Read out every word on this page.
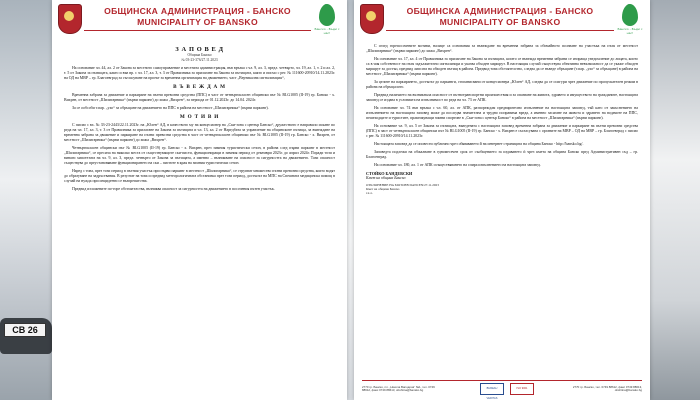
CB 26
ОБЩИНСКА АДМИНИСТРАЦИЯ - БАНСКО
MUNICIPALITY OF BANSKO
Банско - Бъди с нас!
З А П О В Е Д
Община Банско
№ 03-23-376/27.11.2023

На основание чл. 44, ал. 2 от Закона за местното самоуправление и местната администрация, във връзка с чл. 9, ал. 3, предл. четвърто, чл. 19, ал. 1, т. 2 и ал. 2, т. 5 от Закона за пътищата, както и във вр. с чл. 17, ал. 3, т. 3 от Правилника за прилагане на Закона за пътищата, както и писмо с рег. № 111600-20910/14.11.2023г. на ОД на МВР – гр. Благоевград за съгласуване на проект за временна организация на движението, част „Вертикална сигнализация“,

В Ъ В Е Ж Д А М

Временна забрана за движение и паркиране на пътни превозни средства (ППС) в част от четвъртокласен общински път № BLG1005 (II-19) гр. Банско - х. Вихрен, от местност „Шилигарника“ (първи паркинг) до хижа „Вихрен“, за периода от 01.12.2023г. до 14.04. 2024г.

За се ообсоби т.пар. „ухо“ за обръщане на движението на ППС в района на местност „Шилигарника“ (първи паркинг).

М О Т И В И

С писмо с вх. № 33-23-2443/22.11.2023г. на „Юлен“ АД, в качеството му на концесионер на „Ски-зона с център Банско“, дружеството е направило искане по реда на чл. 17, ал. 3, т. 3 от Правилника за прилагане на Закона за пътищата и чл. 13, ал. 2 от Наредбата за управление на общинските пътища, за въвеждане на временна забрана за движение и паркиране на пътни превозни средства в част от четвъртокласен общински път № BLG1005 (II-19) гр. Банско - х. Вихрен, от местност „Шилигарника“ (първи паркинг) до хижа „Вихрен“.

Четвъртокласен общински път № BLG1005 (II-19) гр. Банско - х. Вихрен, през зимния туристически сезон, в района след първи паркинг в местност „Шилигарника“, се пресича на няколко места от съществуващите ски-писти, функциониращи в зимния период от декември 2023г. до април 2024г. Поради този и винаги хипотезата на чл. 9, ал. 3, предл. четвърто от Закона за пътищата, а именно – възникване на опасност за сигурността на движението. Тази опасност съществува до преустановяване функционирането на ски – пистите в края на зимния туристически сезон.

Наред с това, през този период в пътния участък при първи паркинг в местност „Шилигарника“, се струпват множество пътни превозни средства, които водят до образуване на задръствания. В резултат на това и предвид метеорологичната обстановка през този период, достъпът на МПС на Спешната медицинска помощ в случай на нужда при инциденти се възпрепятства.

Предвид изложените по-горе обстоятелства, възниква опасност за сигурността на движението в посочения пътен участък.

ОБЩИНСКА АДМИНИСТРАЦИЯ - БАНСКО
MUNICIPALITY OF BANSKO
Банско - Бъди с нас!

С оглед горепосочените мотиви, налице са основания за въвеждане на временна забрана за обичайното ползване на участъка на пътя от местност „Шилигарника“ (първи паркинг) до хижа „Вихрен“.

На основание чл. 17, ал. 4 от Правилника за прилагане на Закона за пътищата, когато се въвежда временни забрани се изпраща уведомление до лицата, които са в чия собственост на пътя задължително сигнализира и указва обходен маршрут. В настоящия случай съществува обективна невъзможност да се укаже обходен маршрут за достъп, предвид липсата на обходен пътищ в района. Предвид това обстоятелство, следва да се въведе обръщане (т.пар. „ухо“ за обръщане) в района на местност „Шилигарника“ (първи паркинг).

За целите на паркирането, достъпът до паркинги, стопанисвани от концесионера „Юлен“ АД, следва да се осигури чрез движение по пропускателен режим в района на обръщалото.

Предвид наличието на възникнала опасност от пътнотранспортни произшествия и за опазване на живота, здравето и имуществото на гражданите, настоящата заповед се издава в условията на изпълнимост по реда на чл. 73 от АПК.

На основание чл. 74 във връзка с чл. 60, ал. от АПК, разпореждам предварително изпълнение на настоящата заповед, тъй като от закъснението на изпълнението на настоящата заповед може да последва значителна и трудно поправима вреда, а именно засягане на живота и здравето на водачите на ППС, пешеходците и туристите, практикуващи зимни спортове в „Ски-зона с център Банско“ в района на местност „Шилигарника“ (първи паркинг).

На основание чл. 9, ал. 5 от Закона за пътищата, въведената с настоящата заповед временна забрана за движение и паркиране на пътни превозни средства (ППС) в част от четвъртокласен общински път № BLG1005 (II-19) гр. Банско - х. Вихрен е съгласувана с органите на МВР – ОД на МВР – гр. Благоевград с писмо с рег. № 111600-20910/14.11.2023г.

Настоящата заповед да се оповести публично чрез обявяването й на интернет страницата на община Банско - http://bansko.bg/.

Заповедта подлежи на обжалване в едномесечен срок от съобщението за издаването ѝ чрез кмета на община Банско пред Административен съд – гр. Благоевград.

На основание чл. 180, ал. 1 от АПК осъществяването на спира изпълнението на настоящата заповед.

СТОЙКО БАНДЕВСКИ
Кмет на община Банско
ОТКЛОНЕНИЕ НА МОТОЕВ DANCEN/27.11.2023
Кмет на община Банско
г.х.л.
2770 гр. Банско, пл. „Никола Вапцаров“ №1, тел. 0749 88612, факс 0749 88613, obshtina@bansko.bg	BUREAU VERITAS
ISO 9001	2770 гр. Банско, тел. 0749 88612, факс 0749 88613, obshtina@bansko.bg
